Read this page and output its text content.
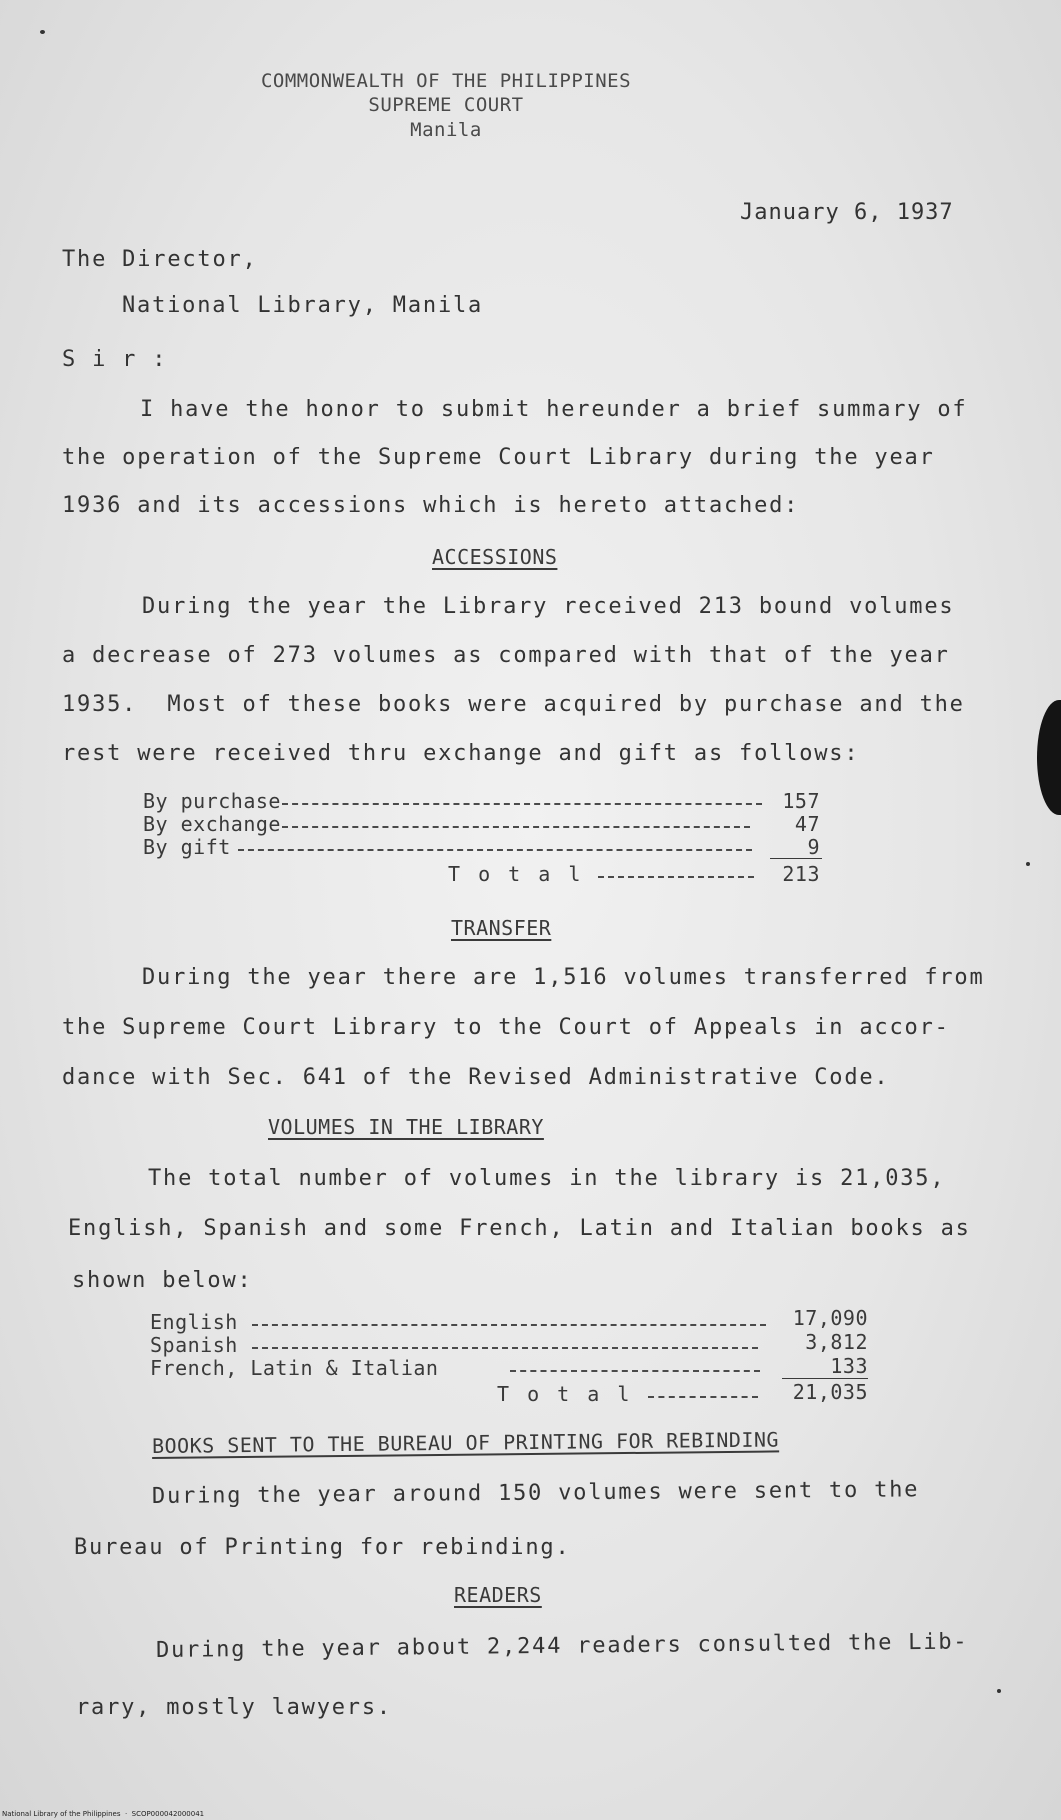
COMMONWEALTH OF THE PHILIPPINES
SUPREME COURT
Manila
January 6, 1937
The Director,
National Library, Manila
S i r :
I have the honor to submit hereunder a brief summary of
the operation of the Supreme Court Library during the year
1936 and its accessions which is hereto attached:
ACCESSIONS
During the year the Library received 213 bound volumes
a decrease of 273 volumes as compared with that of the year
1935.  Most of these books were acquired by purchase and the
rest were received thru exchange and gift as follows:
By purchase	157
By exchange	47
By gift	9
T o t a l	213
TRANSFER
During the year there are 1,516 volumes transferred from
the Supreme Court Library to the Court of Appeals in accor-
dance with Sec. 641 of the Revised Administrative Code.
VOLUMES IN THE LIBRARY
The total number of volumes in the library is 21,035,
English, Spanish and some French, Latin and Italian books as
shown below:
English	17,090
Spanish	3,812
French, Latin & Italian	133
T o t a l	21,035
BOOKS SENT TO THE BUREAU OF PRINTING FOR REBINDING
During the year around 150 volumes were sent to the
Bureau of Printing for rebinding.
READERS
During the year about 2,244 readers consulted the Lib-
rary, mostly lawyers.
National Library of the Philippines  ·  SCOP000042000041
